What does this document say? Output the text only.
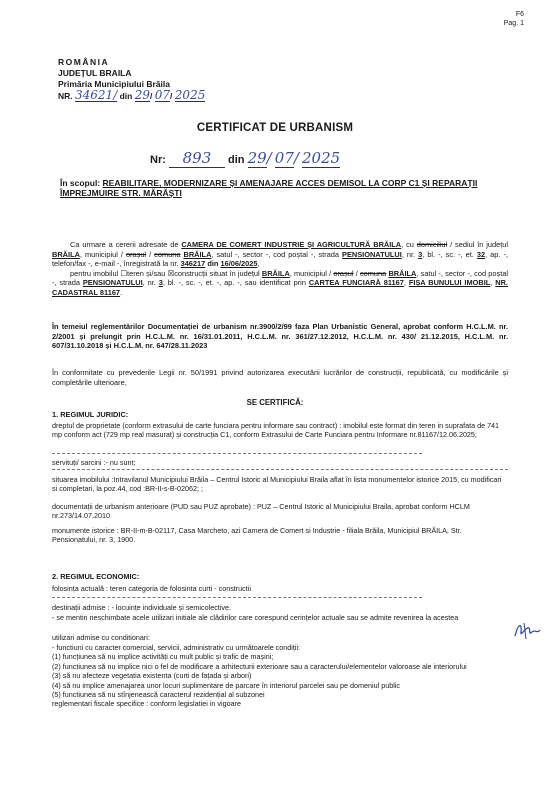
F6
Pag. 1
ROMÂNIA
JUDEȚUL BRAILA
Primăria Municipiului Brăila
NR. 34621/ din 29/ 07/ 2025
CERTIFICAT DE URBANISM
Nr: 893 din 29/ 07/ 2025
În scopul: REABILITARE, MODERNIZARE ȘI AMENAJARE ACCES DEMISOL LA CORP C1 ȘI REPARAȚII ÎMPREJMUIRE STR. MĂRĂȘTI
Ca urmare a cererii adresate de CAMERA DE COMERT INDUSTRIE ȘI AGRICULTURĂ BRĂILA, cu domiciliul / sediul în județul BRĂILA, municipiul / orașul / comuna BRĂILA, satul -, sector -, cod poștal -, strada PENSIONATULUI, nr. 3, bl. -, sc. -, et. 32, ap. -, telefon/fax -, e-mail -, înregistrată la nr. 346217 din 16/06/2025,
pentru imobilul ☐teren și/sau ☒construcții situat în județul BRĂILA, municipiul / orașul / comuna BRĂILA, satul -, sector -, cod poștal -, strada PENSIONATULUI, nr. 3, bl. -, sc. -, et. -, ap. -, sau identificat prin CARTEA FUNCIARĂ 81167, FIȘA BUNULUI IMOBIL, NR. CADASTRAL 81167.
În temeiul reglementărilor Documentației de urbanism nr.3900/2/99 faza Plan Urbanistic General, aprobat conform H.C.L.M. nr. 2/2001 și prelungit prin H.C.L.M. nr. 16/31.01.2011, H.C.L.M. nr. 361/27.12.2012, H.C.L.M. nr. 430/ 21.12.2015, H.C.L.M. nr. 607/31.10.2018 și H.C.L.M. nr. 647/28.11.2023
În conformitate cu prevederile Legii nr. 50/1991 privind autorizarea executării lucrărilor de construcții, republicată, cu modificările și completările ulterioare,
SE CERTIFICĂ:
1. REGIMUL JURIDIC:
dreptul de proprietate (conform extrasului de carte funciara pentru informare sau contract) : imobilul este format din teren in suprafata de 741 mp conform act (729 mp real masurat) și construcția C1, conform Extrasului de Carte Funciara pentru Informare nr.81167/12.06.2025;
servituți/ sarcini :- nu sunt;
situarea imobilului :Intravilanul Municipiului Brăila – Centrul Istoric al Municipiului Braila aflat în lista monumentelor istorice 2015, cu modificari si completari, la poz.44, cod :BR-II-s-B-02062; ;
documentații de urbanism anterioare (PUD sau PUZ aprobate) : PUZ – Centrul Istoric al Municipiului Braila, aprobat conform HCLM nr.273/14.07.2010
monumente istorice : BR-II-m-B-02117, Casa Marcheto, azi Camera de Comert si Industrie - filiala Brăila, Municipiul BRĂILA, Str. Pensionatului, nr. 3, 1900.
2. REGIMUL ECONOMIC:
folosința actuală : teren categoria de folosinta curti - constructii
destinații admise : - locuințe individuale și semicolective.
- se mentin neschimbate acele utilizari initiale ale clădirilor care corespund cerințelor actuale sau se admite revenirea la acestea
utilizari admise cu conditionari:
- functiuni cu caracter comercial, servicii, administrativ cu următoarele condiții:
(1) funcțiunea să nu implice activități cu mult public și trafic de mașini;
(2) functiunea să nu implice nici o fel de modificare a arhitecturii exterioare sau a caracterului/elementelor valoroase ale interiorului
(3) să nu afecteze vegetatia existenta (curti de fațada și arbori)
(4) să nu implice amenajarea unor locuri suplimentare de parcare în interiorul parcelei sau pe domeniul public
(5) functiunea să nu stînjenească caracterul rezidențial al subzonei
reglementari fiscale specifice : conform legislatiei in vigoare
